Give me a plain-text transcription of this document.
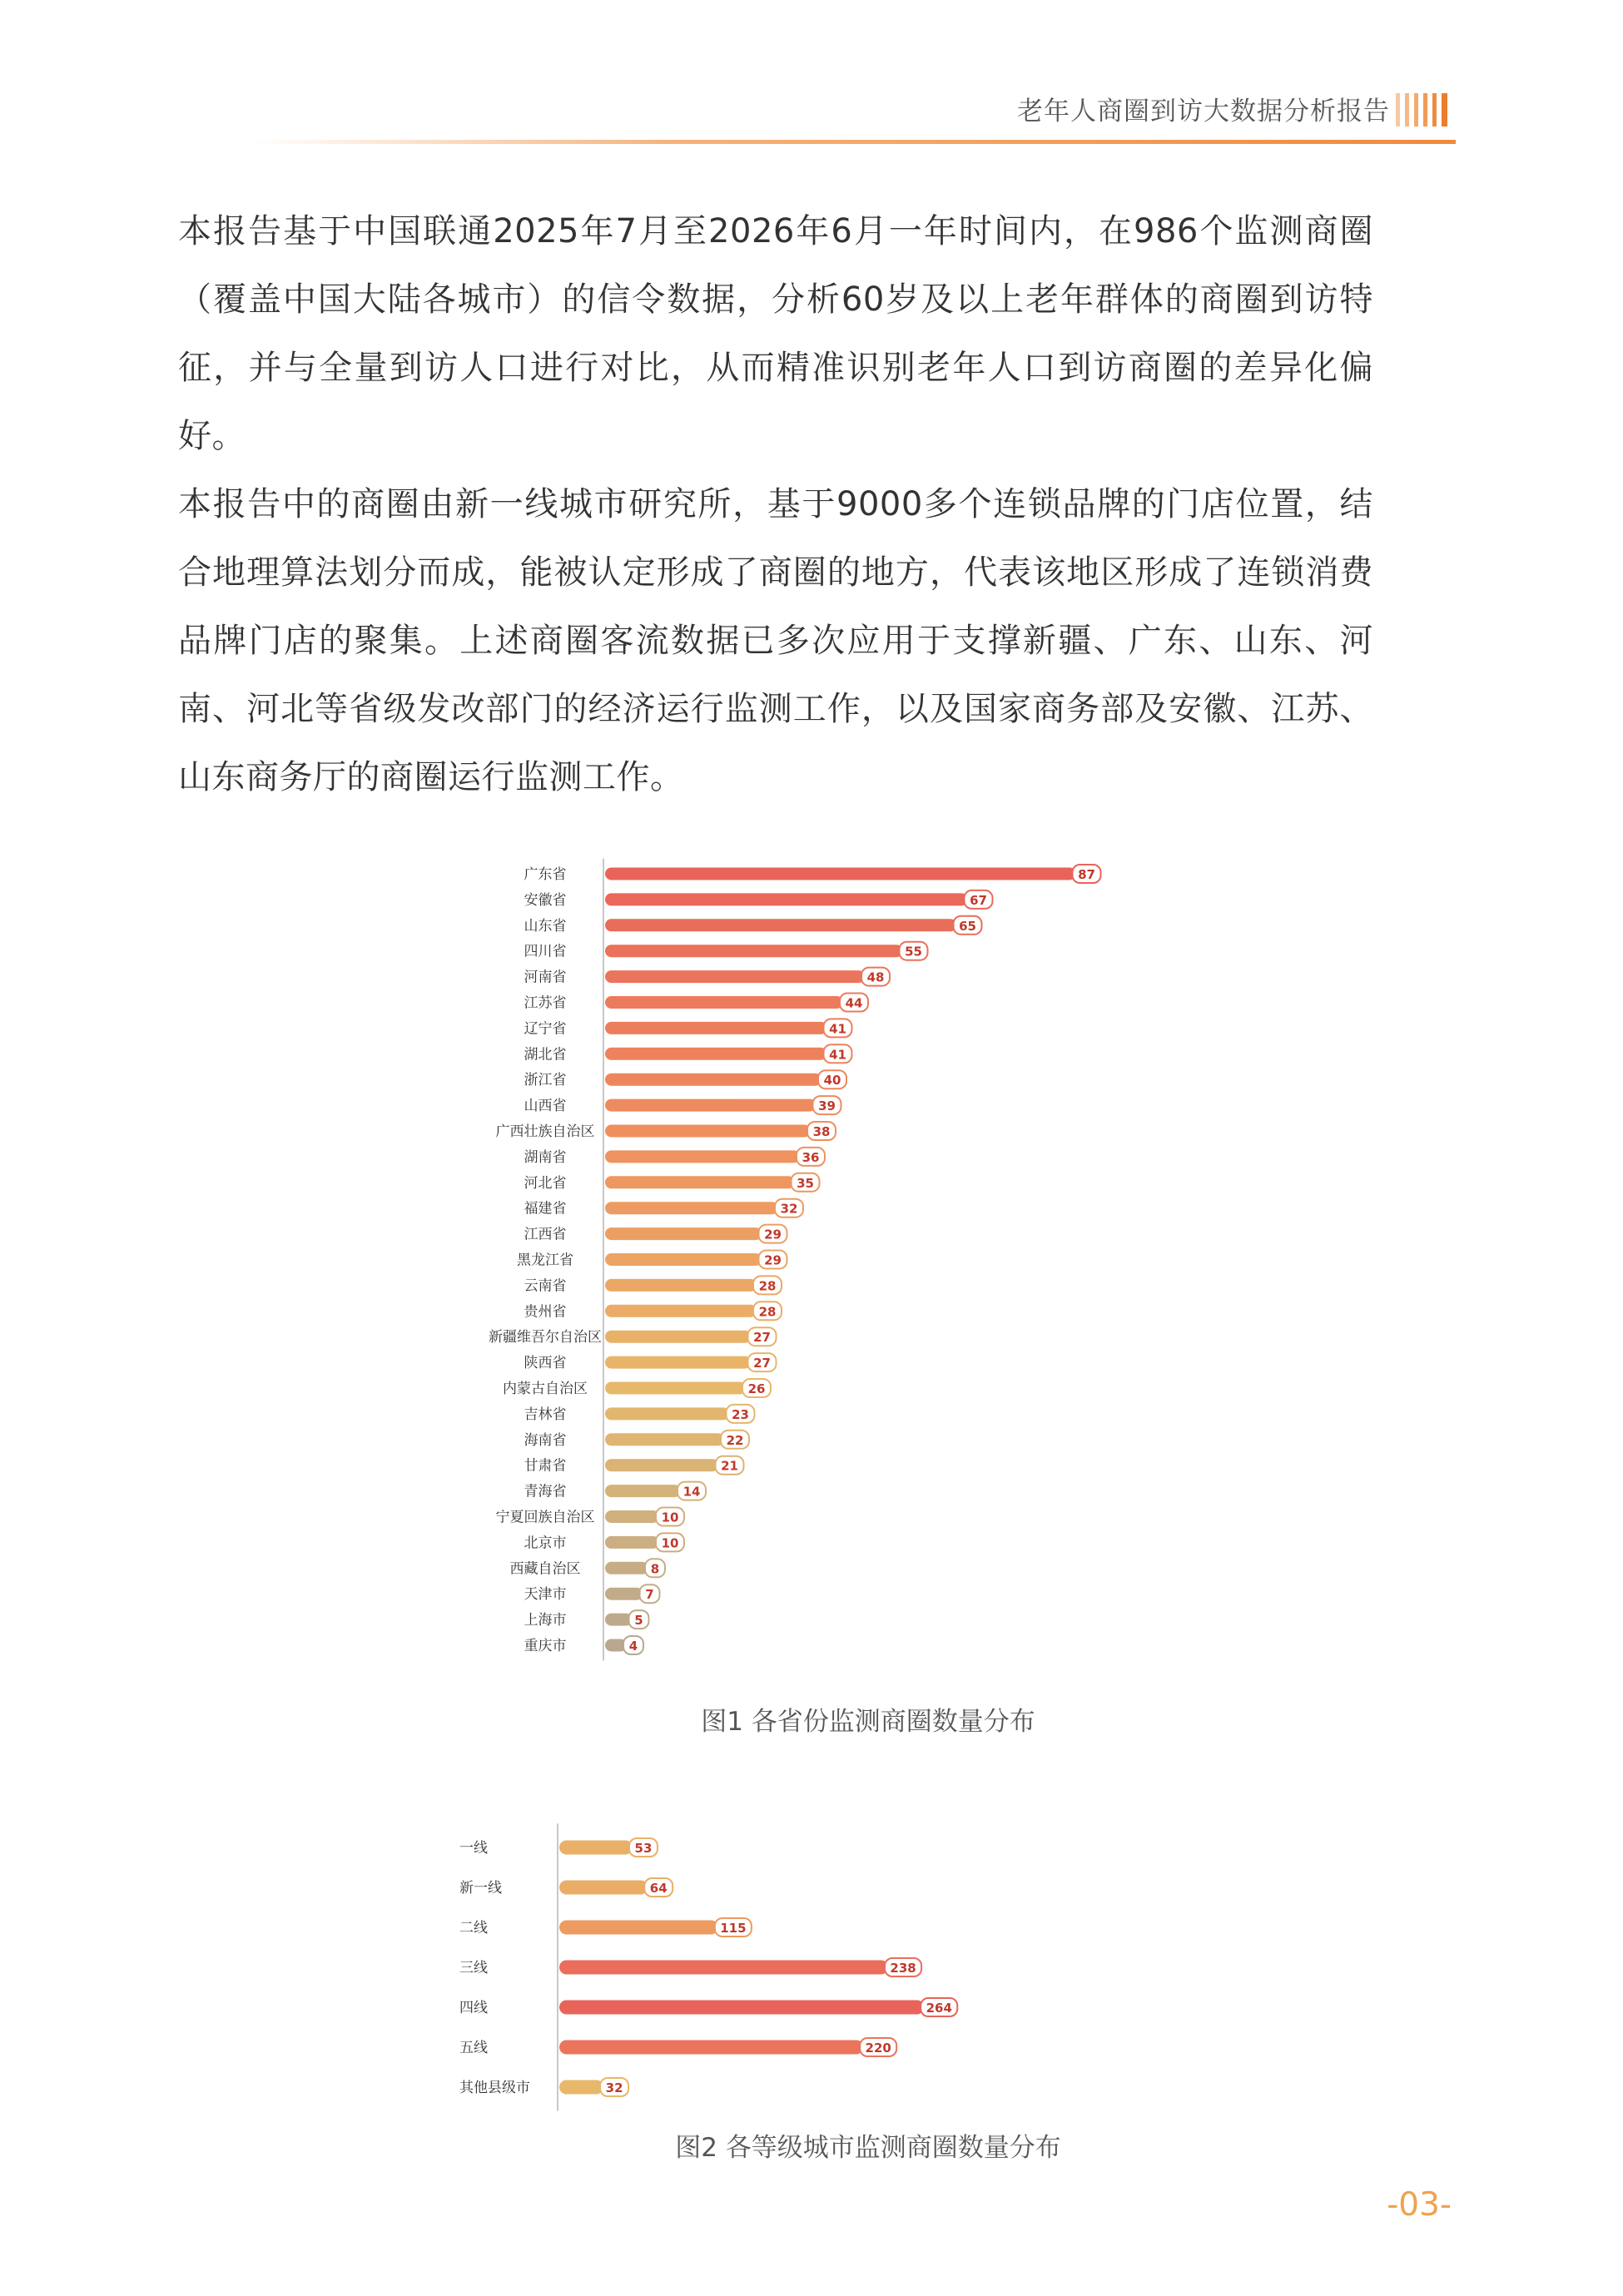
老年人商圈到访大数据分析报告

本报告基于中国联通2025年7月至2026年6月一年时间内，在986个监测商圈（覆盖中国大陆各城市）的信令数据，分析60岁及以上老年群体的商圈到访特征，并与全量到访人口进行对比，从而精准识别老年人口到访商圈的差异化偏好。

本报告中的商圈由新一线城市研究所，基于9000多个连锁品牌的门店位置，结合地理算法划分而成，能被认定形成了商圈的地方，代表该地区形成了连锁消费品牌门店的聚集。上述商圈客流数据已多次应用于支撑新疆、广东、山东、河南、河北等省级发改部门的经济运行监测工作，以及国家商务部及安徽、江苏、山东商务厅的商圈运行监测工作。

广东省	87
安徽省	67
山东省	65
四川省	55
河南省	48
江苏省	44
辽宁省	41
湖北省	41
浙江省	40
山西省	39
广西壮族自治区	38
湖南省	36
河北省	35
福建省	32
江西省	29
黑龙江省	29
云南省	28
贵州省	28
新疆维吾尔自治区	27
陕西省	27
内蒙古自治区	26
吉林省	23
海南省	22
甘肃省	21
青海省	14
宁夏回族自治区	10
北京市	10
西藏自治区	8
天津市	7
上海市	5
重庆市	4
图1 各省份监测商圈数量分布
一线	53
新一线	64
二线	115
三线	238
四线	264
五线	220
其他县级市	32
图2 各等级城市监测商圈数量分布
-03-
